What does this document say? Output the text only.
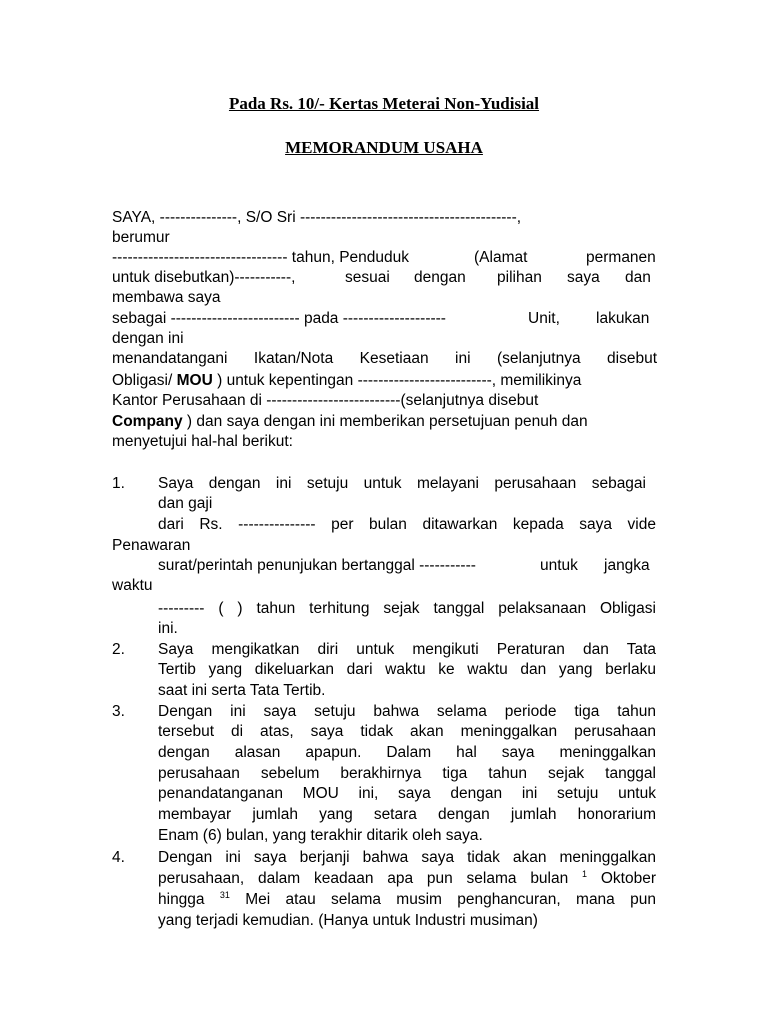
Pada Rs. 10/- Kertas Meterai Non-Yudisial

MEMORANDUM USAHA

SAYA, ---------------, S/O Sri ------------------------------------------,

berumur

---------------------------------- tahun, Penduduk	(Alamat	permanen

untuk disebutkan)-----------,	sesuai dengan pilihan saya dan

membawa saya

sebagai ------------------------- pada --------------------	Unit, lakukan

dengan ini

menandatangani Ikatan/Nota Kesetiaan ini (selanjutnya disebut

Obligasi/ MOU ) untuk kepentingan --------------------------, memilikinya

Kantor Perusahaan di --------------------------(selanjutnya disebut

Company ) dan saya dengan ini memberikan persetujuan penuh dan

menyetujui hal-hal berikut:

1. Saya dengan ini setuju untuk melayani perusahaan sebagai

dan gaji

dari Rs. --------------- per bulan ditawarkan kepada saya vide

Penawaran

surat/perintah penunjukan bertanggal -----------	untuk jangka

waktu

--------- ( ) tahun terhitung sejak tanggal pelaksanaan Obligasi

ini.

2. Saya mengikatkan diri untuk mengikuti Peraturan dan Tata

Tertib yang dikeluarkan dari waktu ke waktu dan yang berlaku

saat ini serta Tata Tertib.

3. Dengan ini saya setuju bahwa selama periode tiga tahun

tersebut di atas, saya tidak akan meninggalkan perusahaan

dengan alasan apapun. Dalam hal saya meninggalkan

perusahaan sebelum berakhirnya tiga tahun sejak tanggal

penandatanganan MOU ini, saya dengan ini setuju untuk

membayar jumlah yang setara dengan jumlah honorarium

Enam (6) bulan, yang terakhir ditarik oleh saya.

4. Dengan ini saya berjanji bahwa saya tidak akan meninggalkan

perusahaan, dalam keadaan apa pun selama bulan $^1$ Oktober

hingga $^{31}$ Mei atau selama musim penghancuran, mana pun

yang terjadi kemudian. (Hanya untuk Industri musiman)
